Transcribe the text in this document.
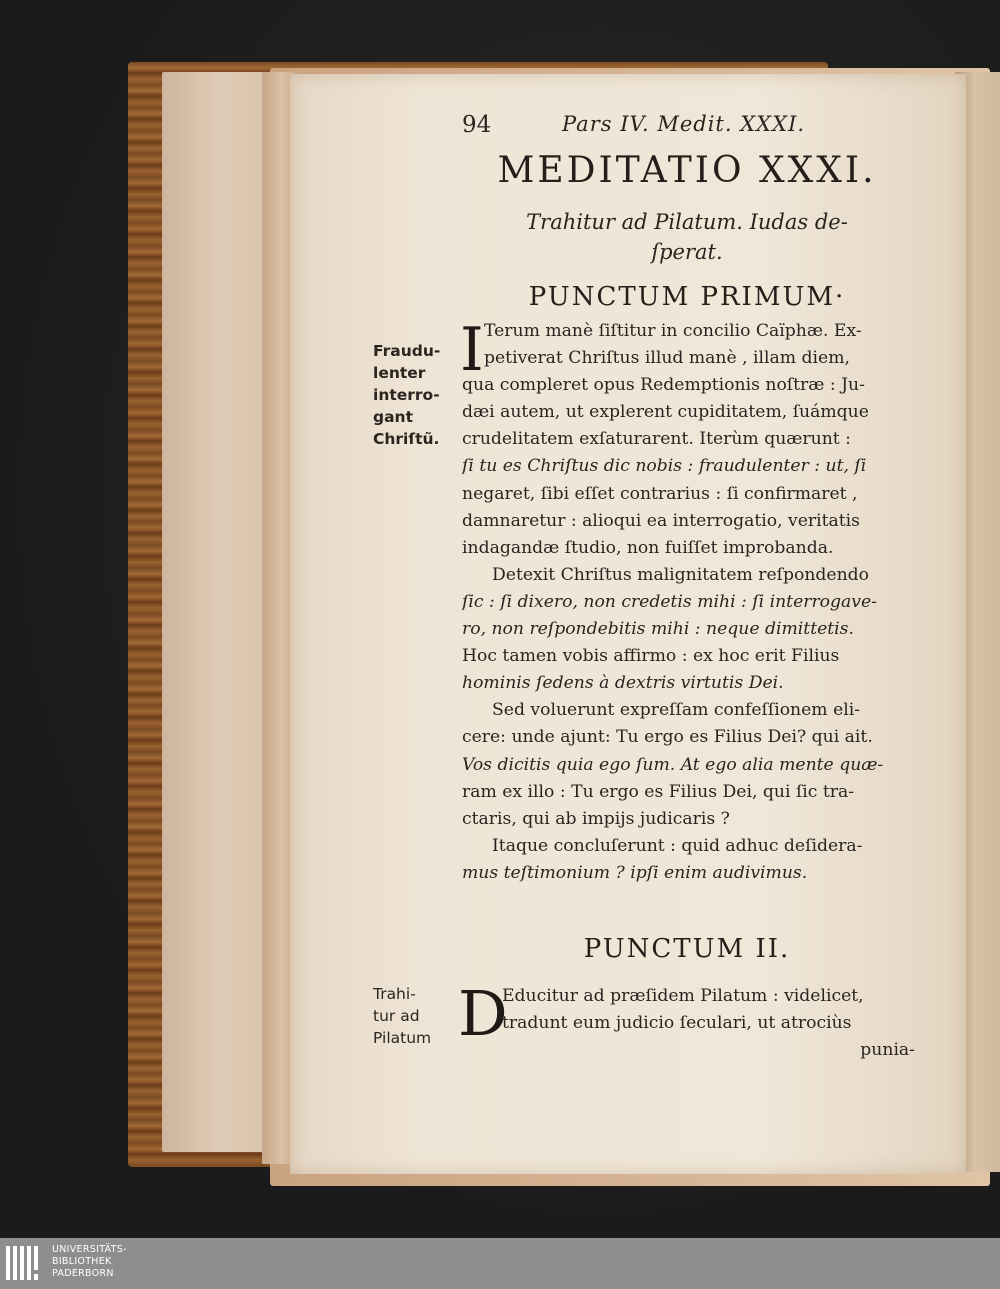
94	Pars IV. Medit. XXXI.
MEDITATIO XXXI.
Trahitur ad Pilatum. Iudas de- ſperat.
PUNCTUM PRIMUM·
Fraudu-
lenter
interro-
gant
Chriſtũ.
I Terum manè ſiſtitur in concilio Caïphæ. Ex-
petiverat Chriſtus illud manè , illam diem,
qua compleret opus Redemptionis noſtræ : Ju-
dæi autem, ut explerent cupiditatem, ſuámque
crudelitatem exſaturarent. Iterùm quærunt :
ſi tu es Chriſtus dic nobis : fraudulenter : ut, ſi
negaret, ſibi eſſet contrarius : ſi confirmaret ,
damnaretur : alioqui ea interrogatio, veritatis
indagandæ ſtudio, non fuiſſet improbanda.
Detexit Chriſtus malignitatem reſpondendo
ſic : ſi dixero, non credetis mihi : ſi interrogave-
ro, non reſpondebitis mihi : neque dimittetis.
Hoc tamen vobis affirmo : ex hoc erit Filius
hominis ſedens à dextris virtutis Dei.
Sed voluerunt expreſſam confeſſionem eli-
cere: unde ajunt: Tu ergo es Filius Dei? qui ait.
Vos dicitis quia ego ſum. At ego alia mente quæ-
ram ex illo : Tu ergo es Filius Dei, qui ſic tra-
ctaris, qui ab impijs judicaris ?
Itaque concluſerunt : quid adhuc deſidera-
mus teſtimonium ? ipſi enim audivimus.
PUNCTUM II.
Trahi-
tur ad
Pilatum D
Educitur ad præſidem Pilatum : videlicet,
tradunt eum judicio ſeculari, ut atrociùs
punia-
UNIVERSITÄTS-
BIBLIOTHEK
PADERBORN
